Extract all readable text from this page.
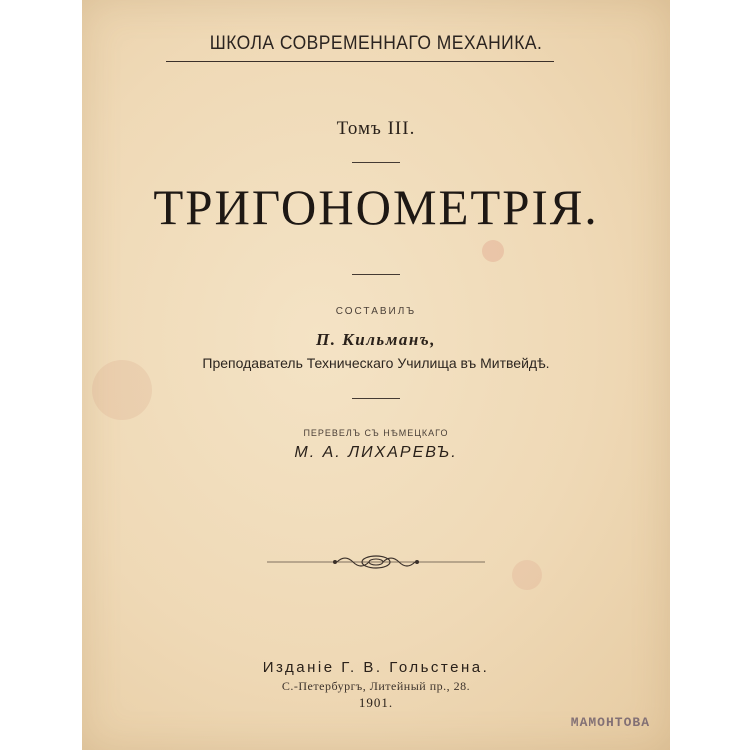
ШКОЛА СОВРЕМЕННАГО МЕХАНИКА.
Томъ III.
ТРИГОНОМЕТРІЯ.
СОСТАВИЛЪ
П. Кильманъ,
Преподаватель Техническаго Училища въ Митвейдѣ.
ПЕРЕВЕЛЪ СЪ НѢМЕЦКАГО
М. А. ЛИХАРЕВЪ.
Изданіе Г. В. Гольстена.
С.-Петербургъ, Литейный пр., 28.
1901.
МАМОНТОВА
